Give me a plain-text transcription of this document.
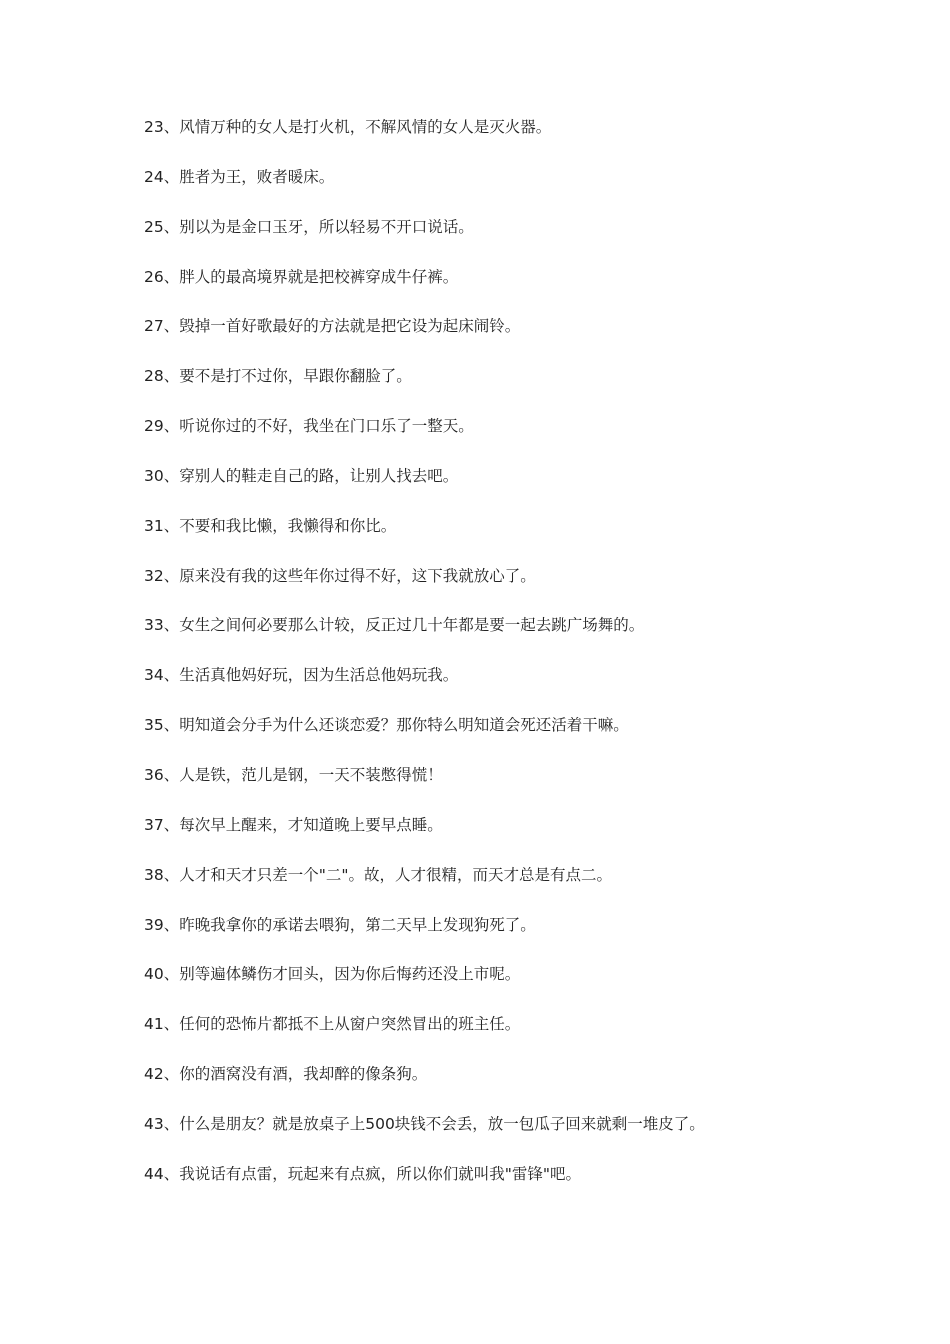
23、风情万种的女人是打火机，不解风情的女人是灭火器。
24、胜者为王，败者暖床。
25、别以为是金口玉牙，所以轻易不开口说话。
26、胖人的最高境界就是把校裤穿成牛仔裤。
27、毁掉一首好歌最好的方法就是把它设为起床闹铃。
28、要不是打不过你，早跟你翻脸了。
29、听说你过的不好，我坐在门口乐了一整天。
30、穿别人的鞋走自己的路，让别人找去吧。
31、不要和我比懒，我懒得和你比。
32、原来没有我的这些年你过得不好，这下我就放心了。
33、女生之间何必要那么计较，反正过几十年都是要一起去跳广场舞的。
34、生活真他妈好玩，因为生活总他妈玩我。
35、明知道会分手为什么还谈恋爱？那你特么明知道会死还活着干嘛。
36、人是铁，范儿是钢，一天不装憋得慌！
37、每次早上醒来，才知道晚上要早点睡。
38、人才和天才只差一个"二"。故，人才很精，而天才总是有点二。
39、昨晚我拿你的承诺去喂狗，第二天早上发现狗死了。
40、别等遍体鳞伤才回头，因为你后悔药还没上市呢。
41、任何的恐怖片都抵不上从窗户突然冒出的班主任。
42、你的酒窝没有酒，我却醉的像条狗。
43、什么是朋友？就是放桌子上500块钱不会丢，放一包瓜子回来就剩一堆皮了。
44、我说话有点雷，玩起来有点疯，所以你们就叫我"雷锋"吧。
